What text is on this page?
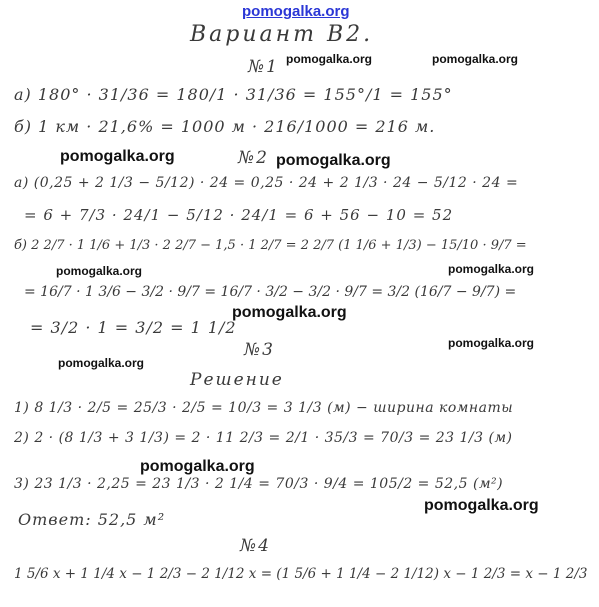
pomogalka.org
Вариант В2.
№1 pomogalka.org	pomogalka.org
а) 180° · 31/36 = 180/1 · 31/36 = 155°/1 = 155°
б) 1 км · 21,6% = 1000 м · 216/1000 = 216 м.
pomogalka.org	№2 pomogalka.org
а) (0,25 + 2 1/3 − 5/12) · 24 = 0,25 · 24 + 2 1/3 · 24 − 5/12 · 24 =
= 6 + 7/3 · 24/1 − 5/12 · 24/1 = 6 + 56 − 10 = 52
б) 2 2/7 · 1 1/6 + 1/3 · 2 2/7 − 1,5 · 1 2/7 = 2 2/7 (1 1/6 + 1/3) − 15/10 · 9/7 =
pomogalka.org	pomogalka.org
= 16/7 · 1 3/6 − 3/2 · 9/7 = 16/7 · 3/2 − 3/2 · 9/7 = 3/2 (16/7 − 9/7) =
pomogalka.org
= 3/2 · 1 = 3/2 = 1 1/2
№3	pomogalka.org
pomogalka.org
Решение
1) 8 1/3 · 2/5 = 25/3 · 2/5 = 10/3 = 3 1/3 (м) − ширина комнаты
2) 2 · (8 1/3 + 3 1/3) = 2 · 11 2/3 = 2/1 · 35/3 = 70/3 = 23 1/3 (м)
pomogalka.org
3) 23 1/3 · 2,25 = 23 1/3 · 2 1/4 = 70/3 · 9/4 = 105/2 = 52,5 (м²)
pomogalka.org
Ответ: 52,5 м²
№4
1 5/6 x + 1 1/4 x − 1 2/3 − 2 1/12 x = (1 5/6 + 1 1/4 − 2 1/12) x − 1 2/3 = x − 1 2/3
